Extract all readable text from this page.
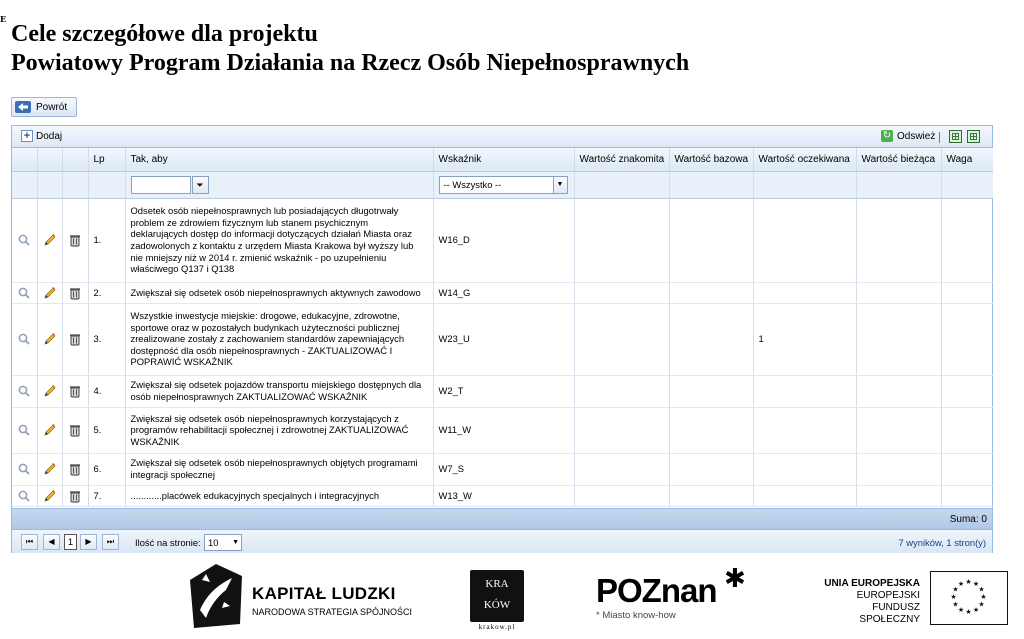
E
Cele szczegółowe dla projektu
Powiatowy Program Działania na Rzecz Osób Niepełnosprawnych
Powrót
+ Dodaj	↻ Odswież
			Lp	Tak, aby	Wskaźnik	Wartość znakomita	Wartość bazowa	Wartość oczekiwana	Wartość bieżąca	Waga
				⏷	-- Wszystko -- ▼					

			1.	Odsetek osób niepełnosprawnych lub posiadających długotrwały problem ze zdrowiem fizycznym lub stanem psychicznym deklarujących dostęp do informacji dotyczących działań Miasta oraz zadowolonych z kontaktu z urzędem Miasta Krakowa był wyższy lub nie mniejszy niż w 2014 r. zmienić wskaźnik - po uzupełnieniu właściwego Q137 i Q138	W16_D					
			2.	Zwiększał się odsetek osób niepełnosprawnych aktywnych zawodowo	W14_G					
			3.	Wszystkie inwestycje miejskie: drogowe, edukacyjne, zdrowotne, sportowe oraz w pozostałych budynkach użyteczności publicznej zrealizowane zostały z zachowaniem standardów zapewniających dostępność dla osób niepełnosprawnych - ZAKTUALIZOWAĆ I POPRAWIĆ WSKAŹNIK	W23_U			1		
			4.	Zwiększał się odsetek pojazdów transportu miejskiego dostępnych dla osób niepełnosprawnych ZAKTUALIZOWAĆ WSKAŹNIK	W2_T					
			5.	Zwiększał się odsetek osób niepełnosprawnych korzystających z programów rehabilitacji społecznej i zdrowotnej ZAKTUALIZOWAĆ WSKAŹNIK	W11_W					
			6.	Zwiększał się odsetek osób niepełnosprawnych objętych programami integracji społecznej	W7_S					
			7.	............placówek edukacyjnych specjalnych i integracyjnych	W13_W					
Suma: 0
⏮	◀	1	▶	⏭	Ilość na stronie: 10 ▼	7 wyników, 1 stron(y)
KAPITAŁ LUDZKI
NARODOWA STRATEGIA SPÓJNOŚCI
KRA
KÓW
krakow.pl
POZnan
* Miasto know-how
✱	UNIA EUROPEJSKA
EUROPEJSKI
FUNDUSZ SPOŁECZNY
★ ★
★
★
★
★
★
★
★
★
★
★
